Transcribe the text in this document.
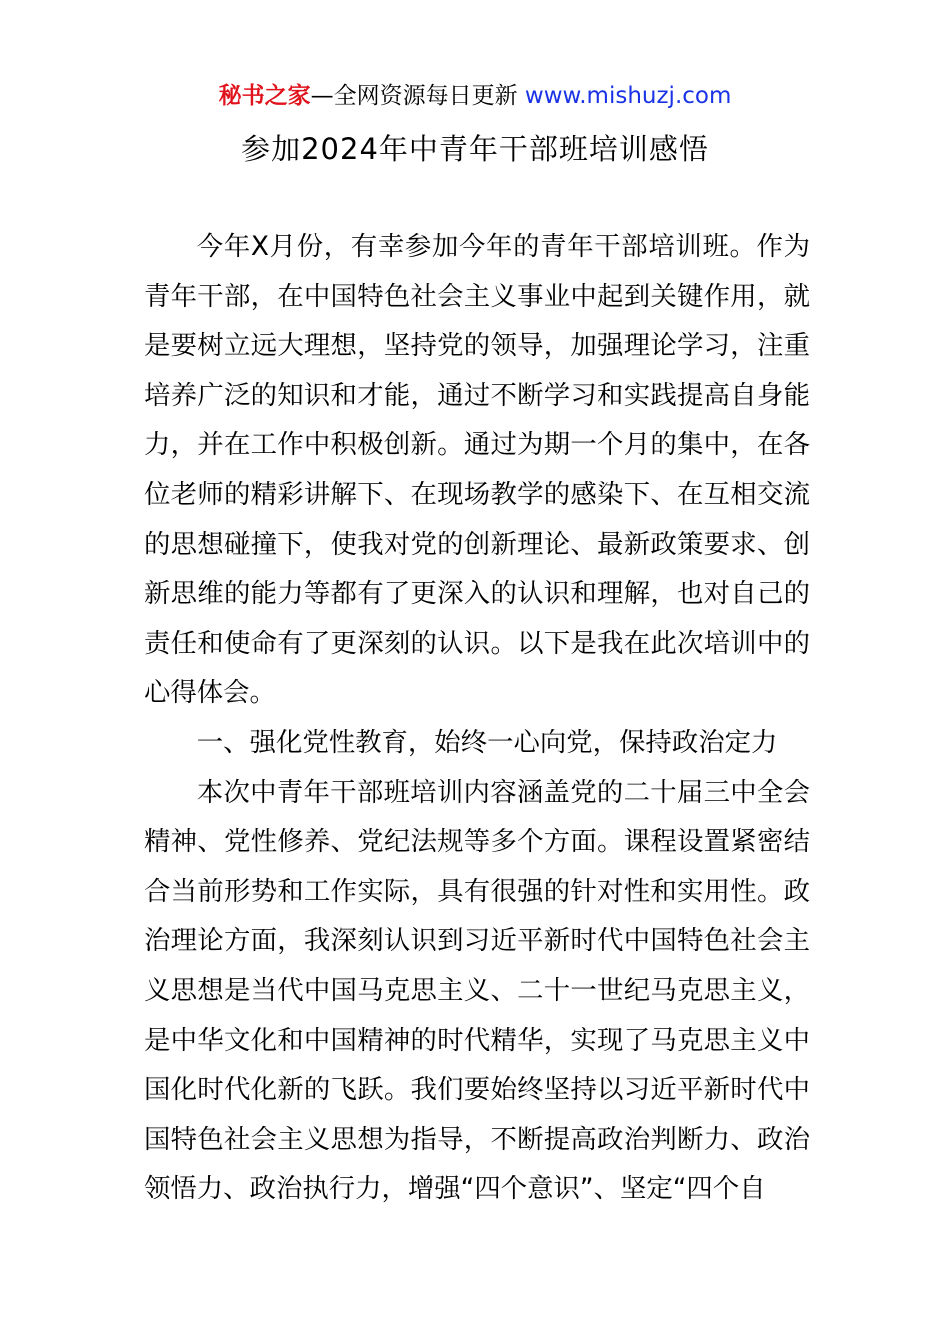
秘书之家—全网资源每日更新 www.mishuzj.com
参加2024年中青年干部班培训感悟

今年X月份，有幸参加今年的青年干部培训班。作为青年干部，在中国特色社会主义事业中起到关键作用，就是要树立远大理想，坚持党的领导，加强理论学习，注重培养广泛的知识和才能，通过不断学习和实践提高自身能力，并在工作中积极创新。通过为期一个月的集中，在各位老师的精彩讲解下、在现场教学的感染下、在互相交流的思想碰撞下，使我对党的创新理论、最新政策要求、创新思维的能力等都有了更深入的认识和理解，也对自己的责任和使命有了更深刻的认识。以下是我在此次培训中的心得体会。

一、强化党性教育，始终一心向党，保持政治定力

本次中青年干部班培训内容涵盖党的二十届三中全会精神、党性修养、党纪法规等多个方面。课程设置紧密结合当前形势和工作实际，具有很强的针对性和实用性。政治理论方面，我深刻认识到习近平新时代中国特色社会主义思想是当代中国马克思主义、二十一世纪马克思主义，是中华文化和中国精神的时代精华，实现了马克思主义中国化时代化新的飞跃。我们要始终坚持以习近平新时代中国特色社会主义思想为指导，不断提高政治判断力、政治领悟力、政治执行力，增强“四个意识”、坚定“四个自
